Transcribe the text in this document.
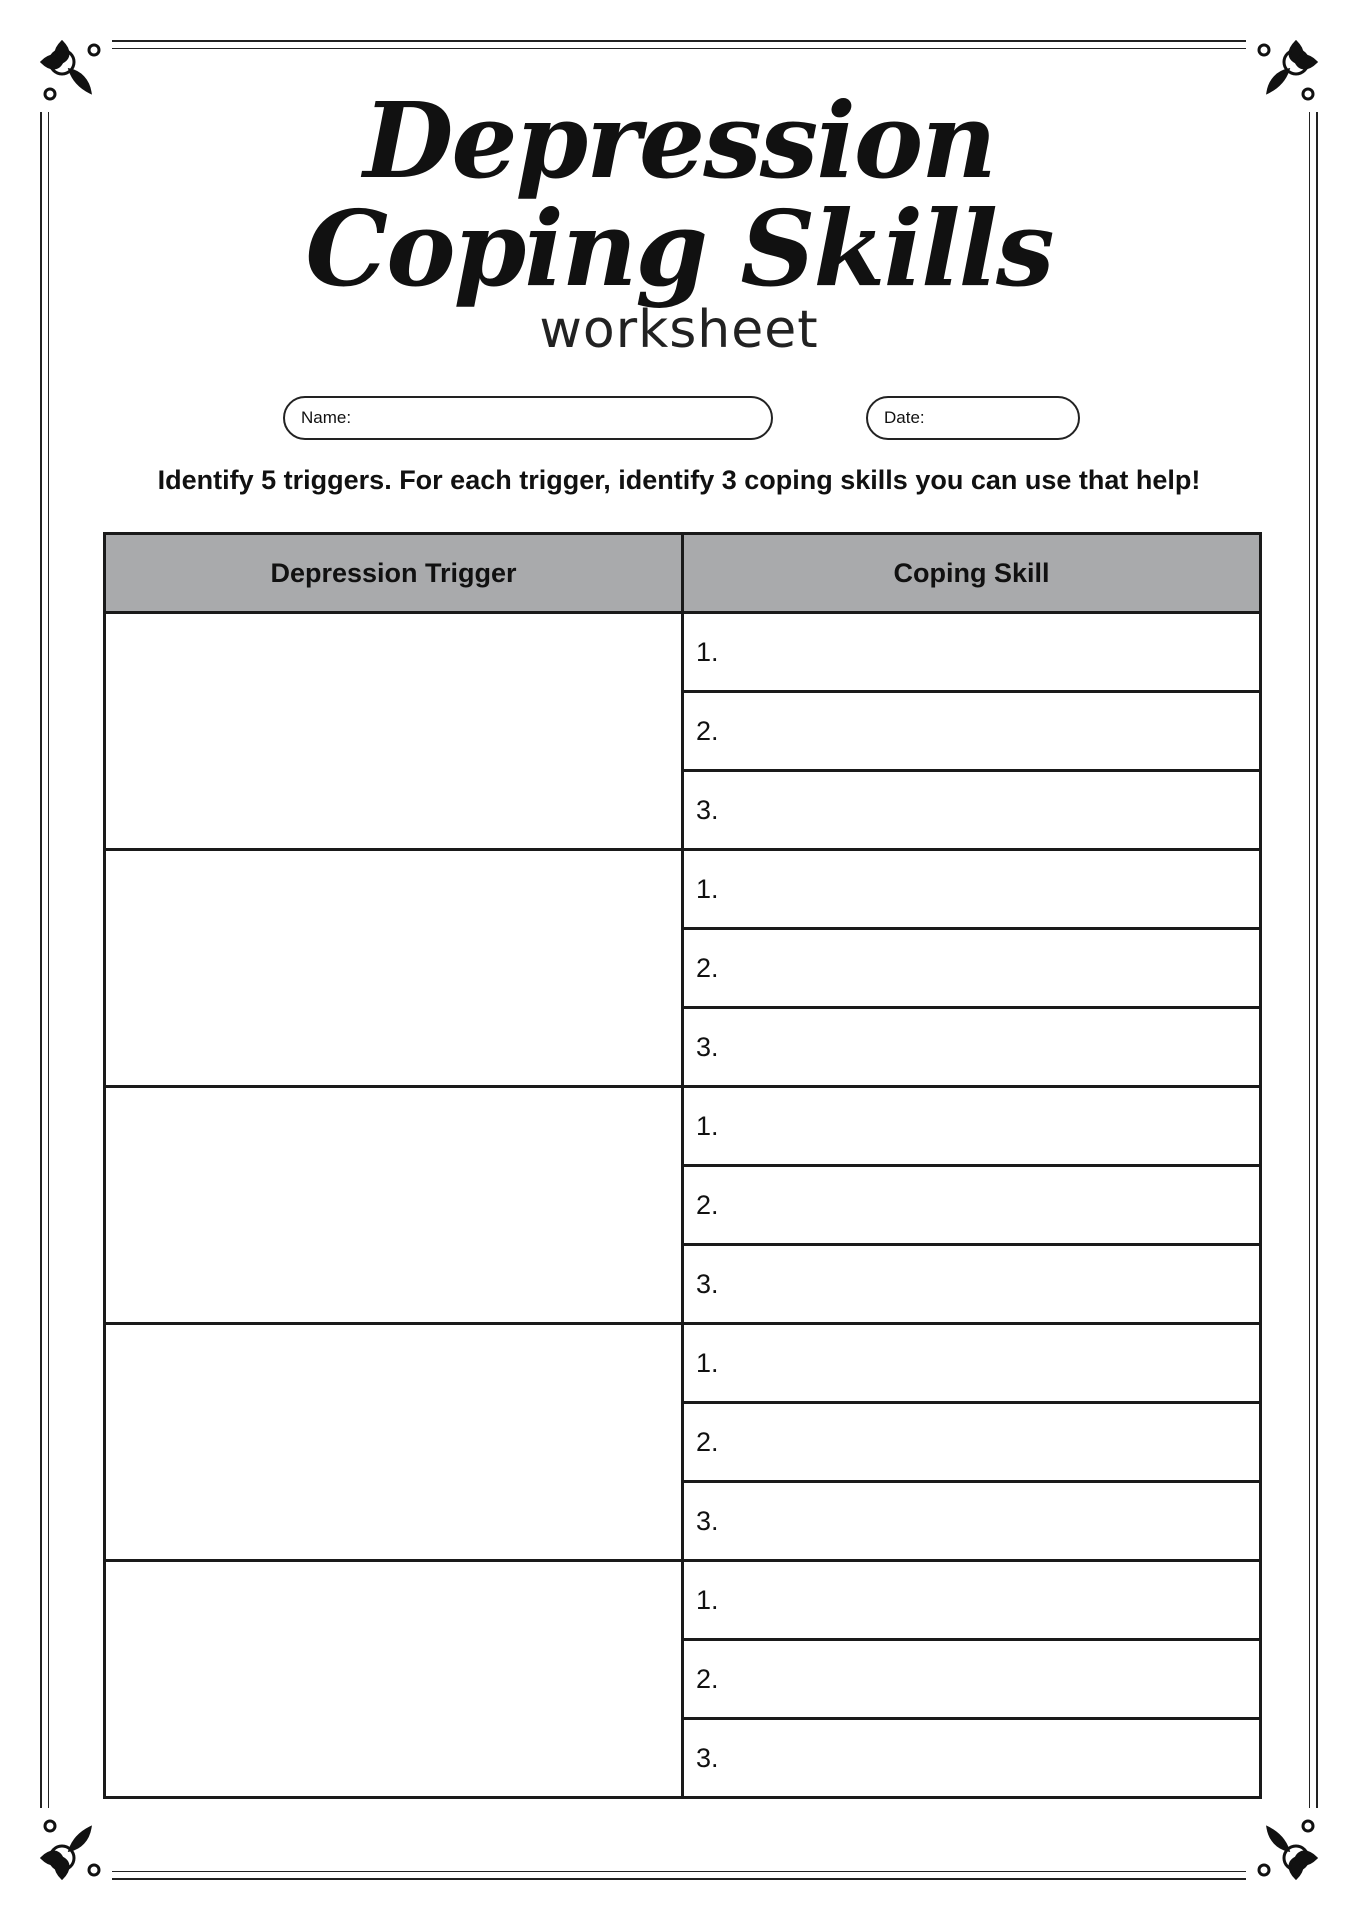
Depression
Coping Skills
worksheet
Name:	Date:
Identify 5 triggers. For each trigger, identify 3 coping skills you can use that help!
Depression Trigger	Coping Skill
	1.
	2.
	3.
	1.
	2.
	3.
	1.
	2.
	3.
	1.
	2.
	3.
	1.
	2.
	3.
